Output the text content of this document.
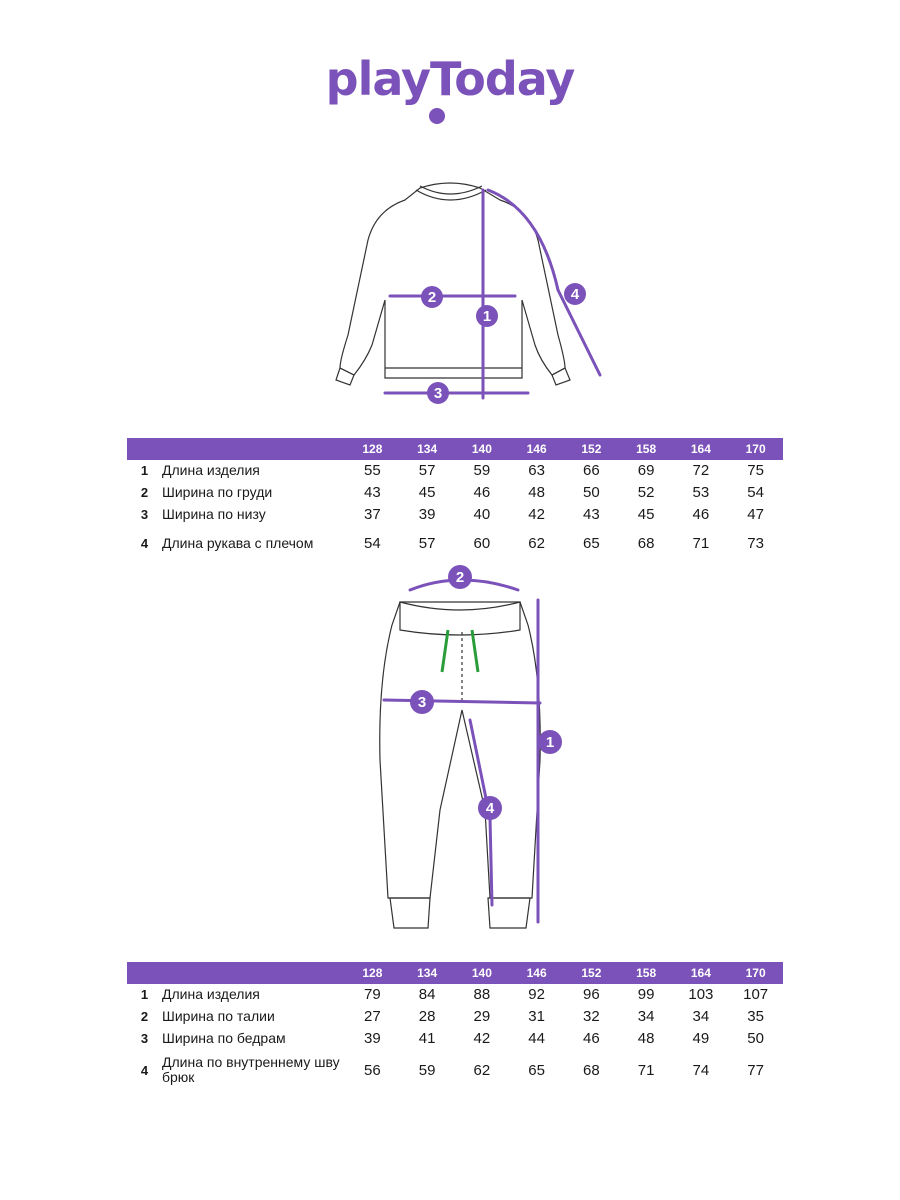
playToday
1
2
3
4
128	134	140	146	152	158	164	170
1 Длина изделия	55	57	59	63	66	69	72	75
2 Ширина по груди	43	45	46	48	50	52	53	54
3 Ширина по низу	37	39	40	42	43	45	46	47
4 Длина рукава с плечом	54	57	60	62	65	68	71	73
1
2
3
4
128	134	140	146	152	158	164	170
1 Длина изделия	79	84	88	92	96	99	103	107
2 Ширина по талии	27	28	29	31	32	34	34	35
3 Ширина по бедрам	39	41	42	44	46	48	49	50
4 Длина по внутреннему шву брюк	56	59	62	65	68	71	74	77
